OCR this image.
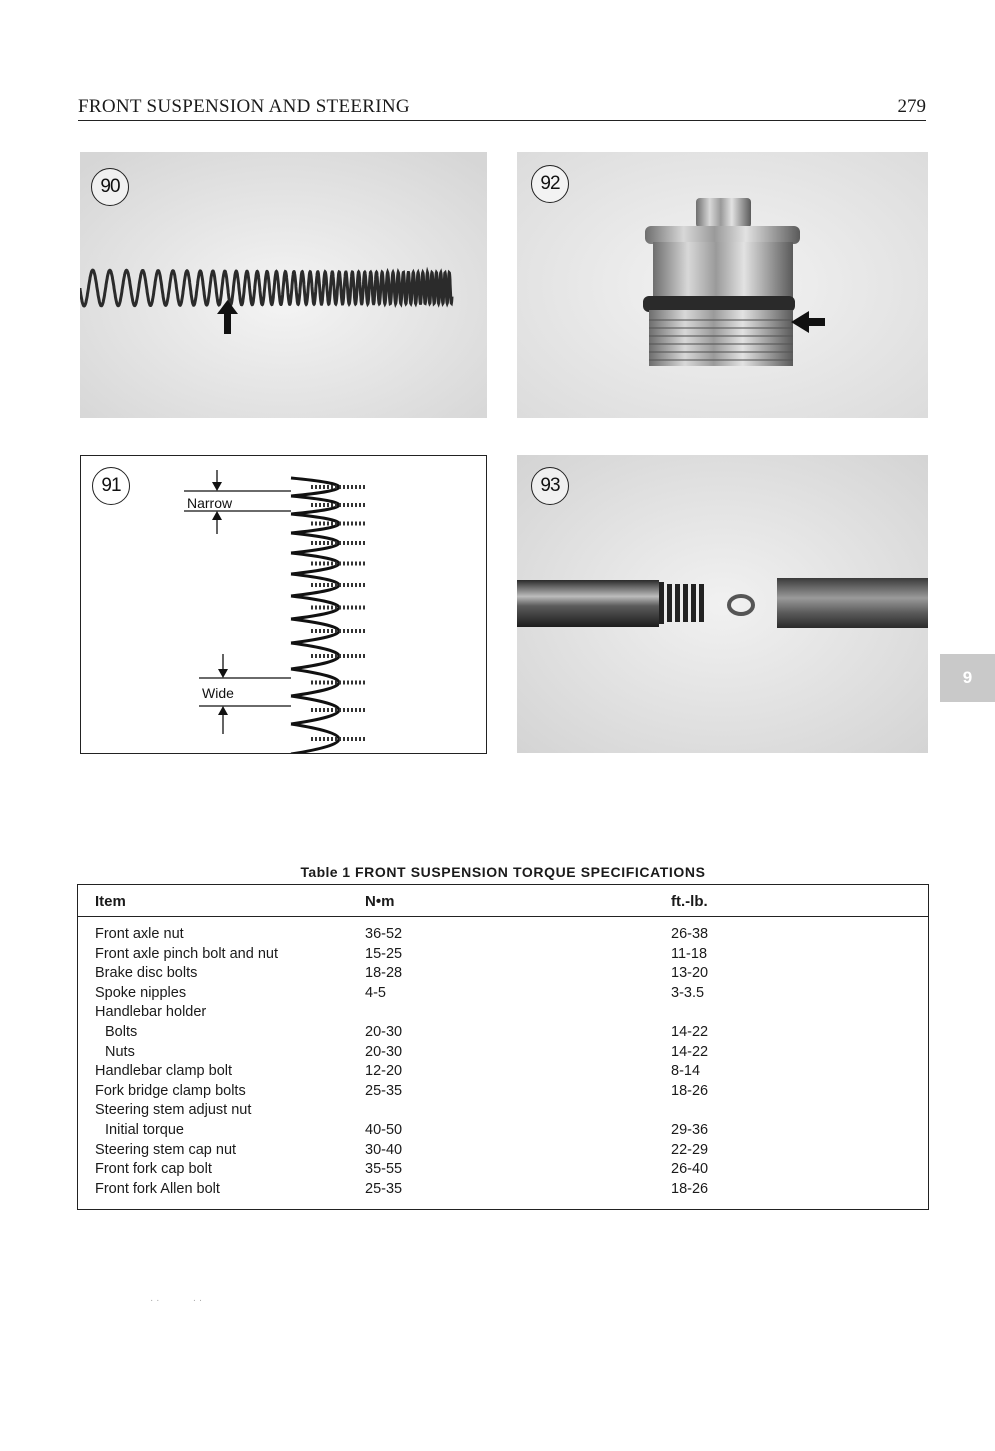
FRONT SUSPENSION AND STEERING	279
90	92
91
Narrow
Wide
93
9
Table 1 FRONT SUSPENSION TORQUE SPECIFICATIONS
Item	N•m	ft.-lb.
Front axle nut	36-52	26-38
Front axle pinch bolt and nut	15-25	11-18
Brake disc bolts	18-28	13-20
Spoke nipples	4-5	3-3.5
Handlebar holder
Bolts	20-30	14-22
Nuts	20-30	14-22
Handlebar clamp bolt	12-20	8-14
Fork bridge clamp bolts	25-35	18-26
Steering stem adjust nut
Initial torque	40-50	29-36
Steering stem cap nut	30-40	22-29
Front fork cap bolt	35-55	26-40
Front fork Allen bolt	25-35	18-26
· ·            · ·
